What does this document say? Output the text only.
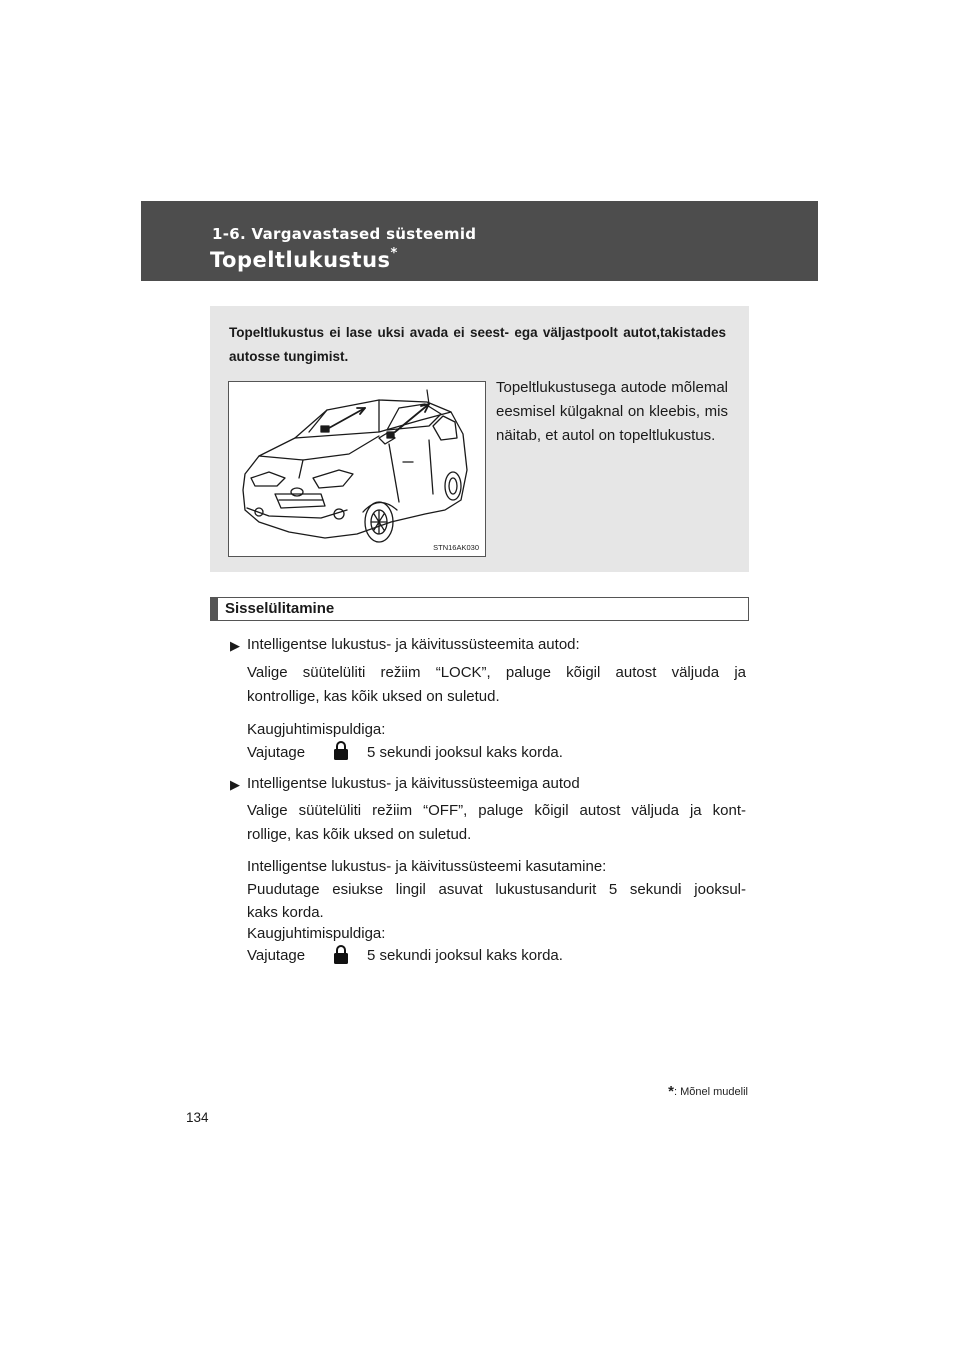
1-6. Vargavastased süsteemid
Topeltlukustus*
Topeltlukustus ei lase uksi avada ei seest- ega väljastpoolt autot,takistades autosse tungimist.
STN16AK030
Topeltlukustusega autode mõlemal eesmisel külgaknal on kleebis, mis näitab, et autol on topeltlukustus.
Sisselülitamine
▶ Intelligentse lukustus- ja käivitussüsteemita autod:
Valige süütelüliti režiim “LOCK”, paluge kõigil autost väljuda ja
kontrollige, kas kõik uksed on suletud.
Kaugjuhtimispuldiga:
Vajutage	5 sekundi jooksul kaks korda.
▶ Intelligentse lukustus- ja käivitussüsteemiga autod
Valige süütelüliti režiim “OFF”, paluge kõigil autost väljuda ja kont-
rollige, kas kõik uksed on suletud.
Intelligentse lukustus- ja käivitussüsteemi kasutamine:
Puudutage esiukse lingil asuvat lukustusandurit 5 sekundi jooksul-
kaks korda.
Kaugjuhtimispuldiga:
Vajutage	5 sekundi jooksul kaks korda.
*: Mõnel mudelil
134
